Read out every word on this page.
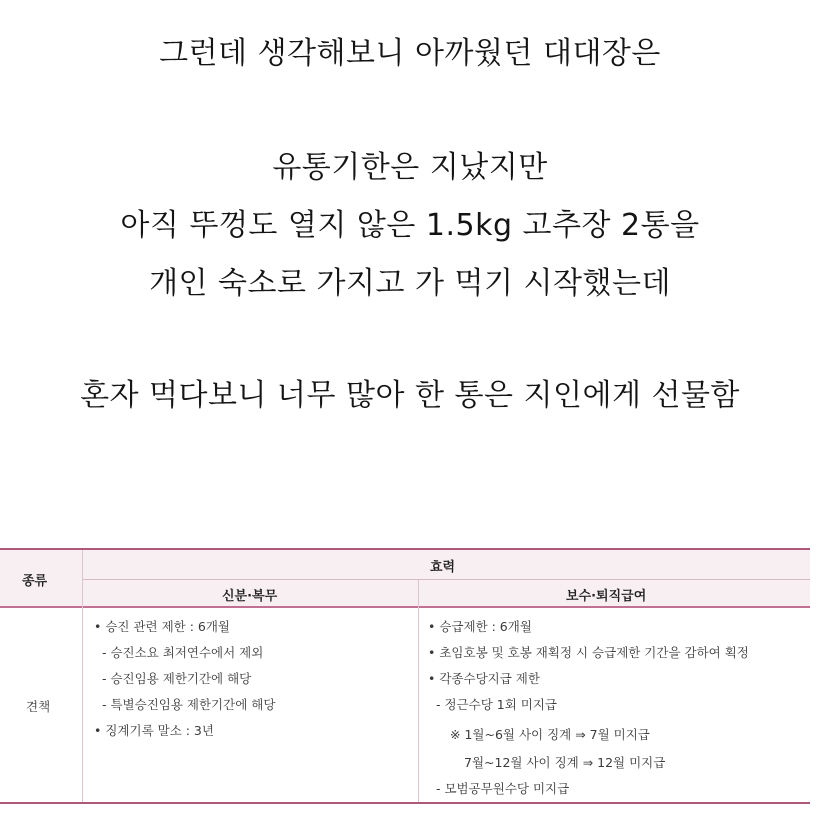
그런데 생각해보니 아까웠던 대대장은
유통기한은 지났지만
아직 뚜껑도 열지 않은 1.5kg 고추장 2통을
개인 숙소로 가지고 가 먹기 시작했는데
혼자 먹다보니 너무 많아 한 통은 지인에게 선물함
종류
효력
신분·복무	보수·퇴직급여
견책
• 승진 관련 제한 : 6개월
- 승진소요 최저연수에서 제외
- 승진임용 제한기간에 해당
- 특별승진임용 제한기간에 해당
• 징계기록 말소 : 3년
• 승급제한 : 6개월
• 초임호봉 및 호봉 재획정 시 승급제한 기간을 감하여 획정
• 각종수당지급 제한
- 정근수당 1회 미지급
※ 1월~6월 사이 징계 ⇒ 7월 미지급
7월~12월 사이 징계 ⇒ 12월 미지급
- 모범공무원수당 미지급
